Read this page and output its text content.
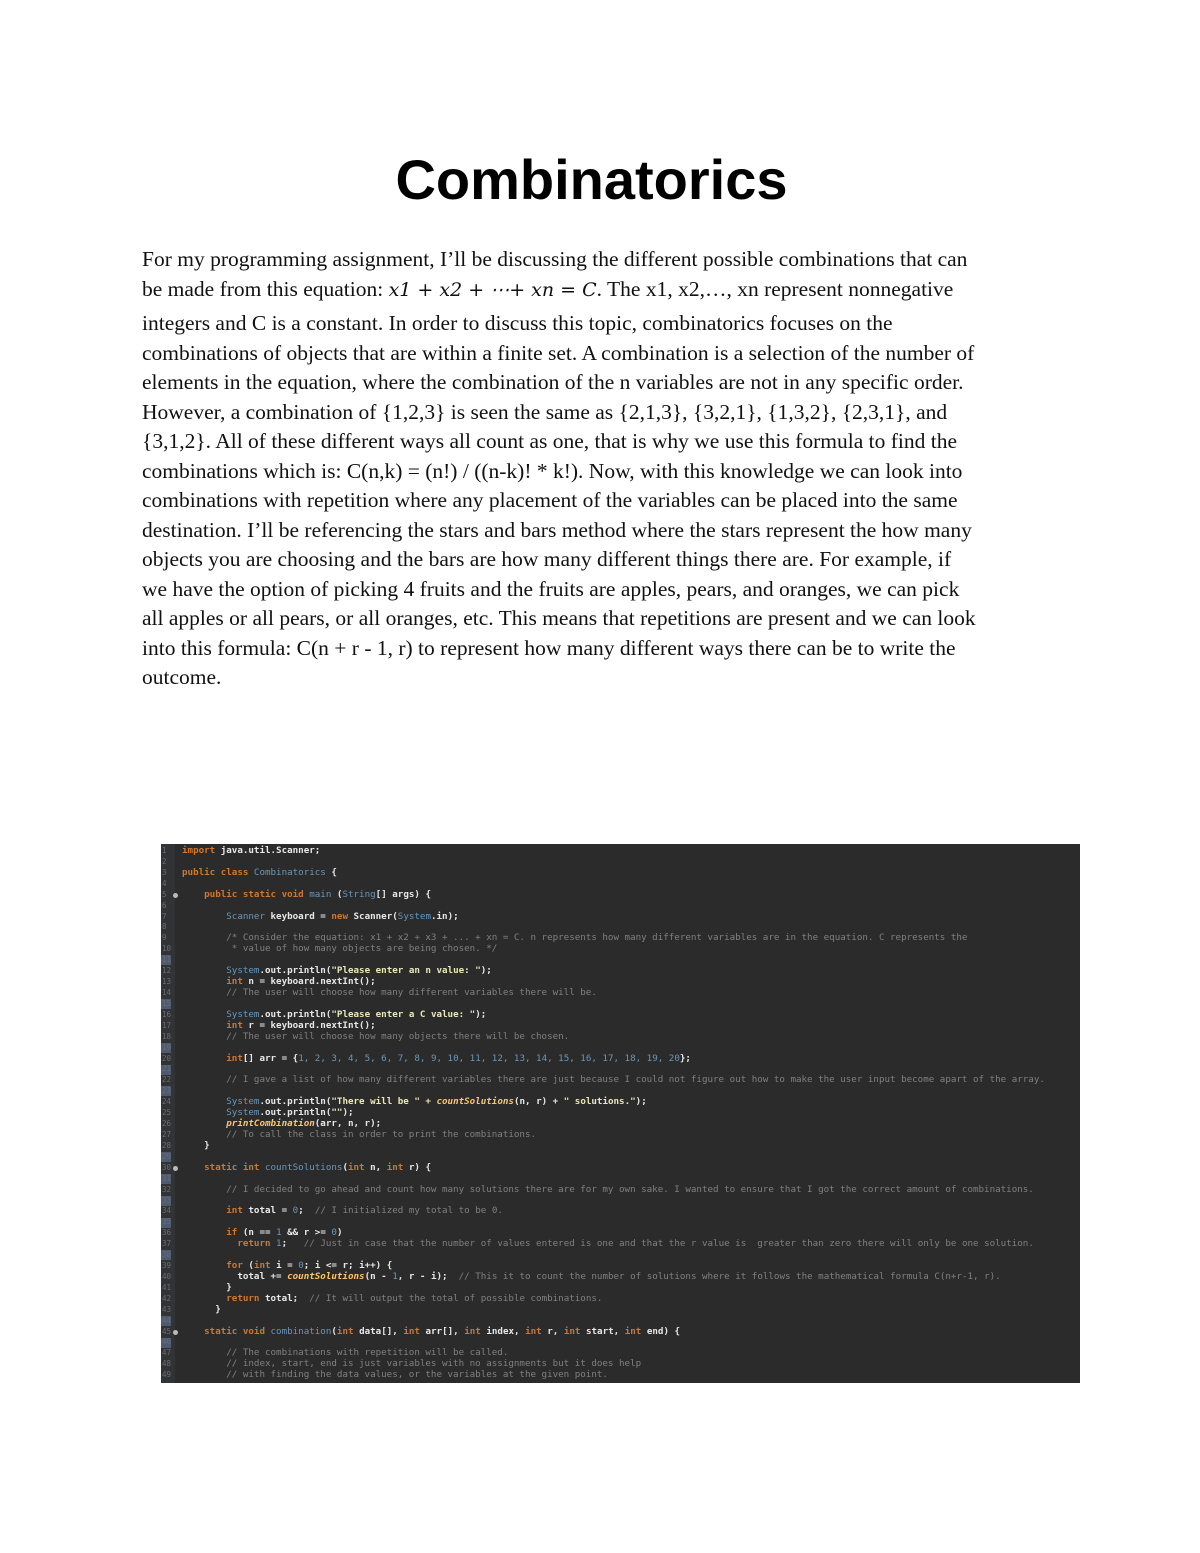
Combinatorics
For my programming assignment, I’ll be discussing the different possible combinations that can
be made from this equation: x1 + x2 + ⋯+ xn = C. The x1, x2,…, xn represent nonnegative
integers and C is a constant. In order to discuss this topic, combinatorics focuses on the
combinations of objects that are within a finite set. A combination is a selection of the number of
elements in the equation, where the combination of the n variables are not in any specific order.
However, a combination of {1,2,3} is seen the same as {2,1,3}, {3,2,1}, {1,3,2}, {2,3,1}, and
{3,1,2}. All of these different ways all count as one, that is why we use this formula to find the
combinations which is: C(n,k) = (n!) / ((n-k)! * k!). Now, with this knowledge we can look into
combinations with repetition where any placement of the variables can be placed into the same
destination. I’ll be referencing the stars and bars method where the stars represent the how many
objects you are choosing and the bars are how many different things there are. For example, if
we have the option of picking 4 fruits and the fruits are apples, pears, and oranges, we can pick
all apples or all pears, or all oranges, etc. This means that repetitions are present and we can look
into this formula: C(n + r - 1, r) to represent how many different ways there can be to write the
outcome.
1	import java.util.Scanner;
2
3	public class Combinatorics {
4
5	public static void main (String[] args) {
6
7	Scanner keyboard = new Scanner(System.in);
8
9	/* Consider the equation: x1 + x2 + x3 + ... + xn = C. n represents how many different variables are in the equation. C represents the
10	* value of how many objects are being chosen. */
11
12	System.out.println("Please enter an n value: ");
13	int n = keyboard.nextInt();
14	// The user will choose how many different variables there will be.
15
16	System.out.println("Please enter a C value: ");
17	int r = keyboard.nextInt();
18	// The user will choose how many objects there will be chosen.
19
20	int[] arr = {1, 2, 3, 4, 5, 6, 7, 8, 9, 10, 11, 12, 13, 14, 15, 16, 17, 18, 19, 20};
21
22	// I gave a list of how many different variables there are just because I could not figure out how to make the user input become apart of the array.
23
24	System.out.println("There will be " + countSolutions(n, r) + " solutions.");
25	System.out.println("");
26	printCombination(arr, n, r);
27	// To call the class in order to print the combinations.
28	}
29
30	static int countSolutions(int n, int r) {
31
32	// I decided to go ahead and count how many solutions there are for my own sake. I wanted to ensure that I got the correct amount of combinations.
33
34	int total = 0;  // I initialized my total to be 0.
35
36	if (n == 1 && r >= 0)
37	return 1;   // Just in case that the number of values entered is one and that the r value is  greater than zero there will only be one solution.
38
39	for (int i = 0; i <= r; i++) {
40	total += countSolutions(n - 1, r - i);  // This it to count the number of solutions where it follows the mathematical formula C(n+r-1, r).
41	}
42	return total;  // It will output the total of possible combinations.
43	}
44
45	static void combination(int data[], int arr[], int index, int r, int start, int end) {
46
47	// The combinations with repetition will be called.
48	// index, start, end is just variables with no assignments but it does help
49	// with finding the data values, or the variables at the given point.
